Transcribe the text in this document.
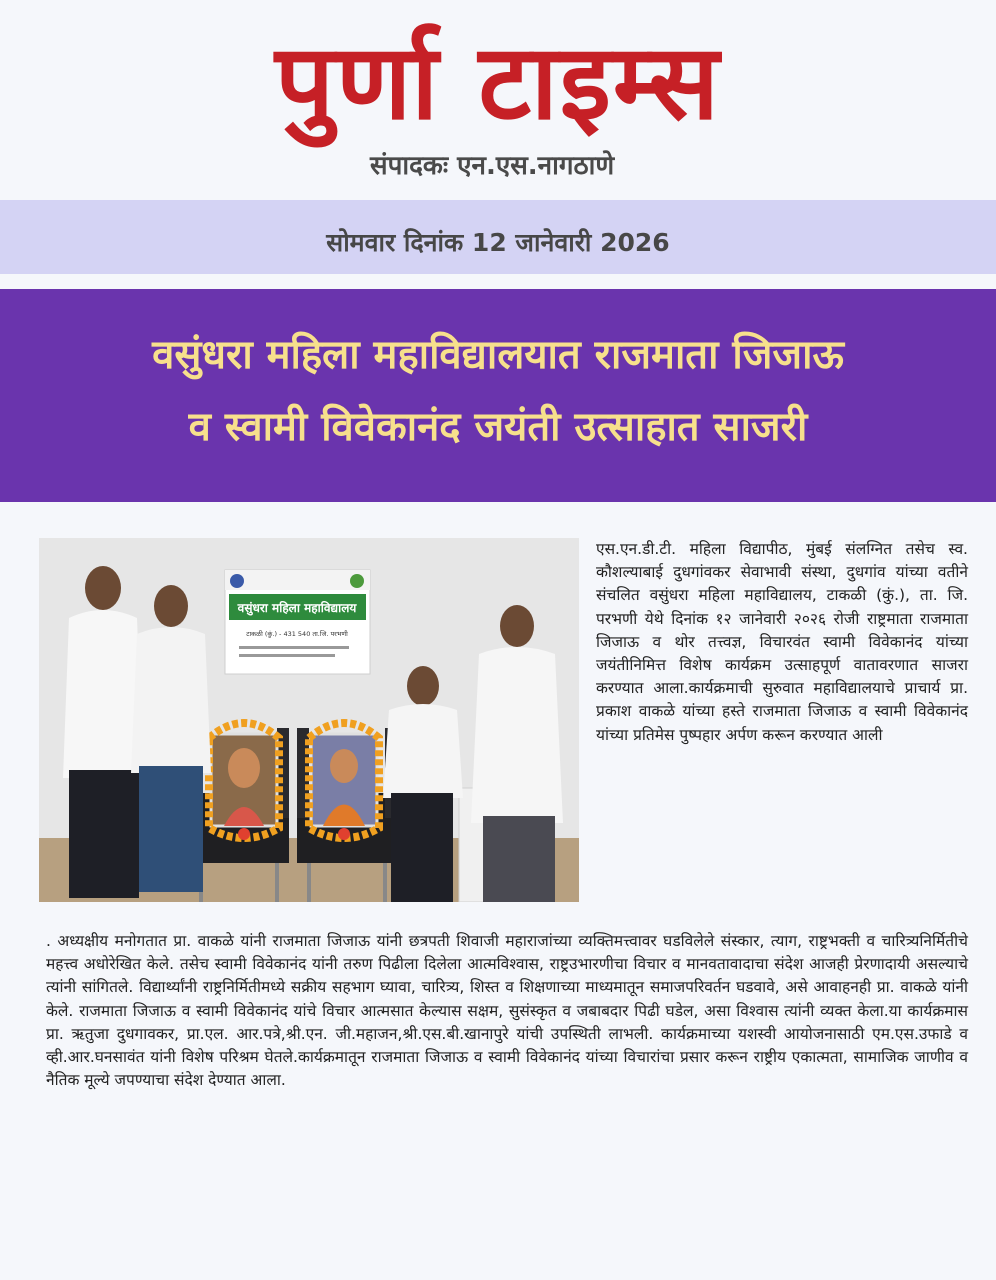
पुर्णा टाइम्स
संपादकः एन.एस.नागठाणे
सोमवार दिनांक 12 जानेवारी 2026
वसुंधरा महिला महाविद्यालयात राजमाता जिजाऊ
व स्वामी विवेकानंद जयंती उत्साहात साजरी
वसुंधरा महिला महाविद्यालय
टाकळी (कुं.) - 431 540 ता.जि. परभणी
एस.एन.डी.टी. महिला विद्यापीठ, मुंबई संलग्नित तसेच स्व. कौशल्याबाई दुधगांवकर सेवाभावी संस्था, दुधगांव यांच्या वतीने संचलित वसुंधरा महिला महाविद्यालय, टाकळी (कुं.), ता. जि. परभणी येथे दिनांक १२ जानेवारी २०२६ रोजी राष्ट्रमाता राजमाता जिजाऊ व थोर तत्त्वज्ञ, विचारवंत स्वामी विवेकानंद यांच्या जयंतीनिमित्त विशेष कार्यक्रम उत्साहपूर्ण वातावरणात साजरा करण्यात आला.कार्यक्रमाची सुरुवात महाविद्यालयाचे प्राचार्य प्रा. प्रकाश वाकळे यांच्या हस्ते राजमाता जिजाऊ व स्वामी विवेकानंद यांच्या प्रतिमेस पुष्पहार अर्पण करून करण्यात आली
. अध्यक्षीय मनोगतात प्रा. वाकळे यांनी राजमाता जिजाऊ यांनी छत्रपती शिवाजी महाराजांच्या व्यक्तिमत्त्वावर घडविलेले संस्कार, त्याग, राष्ट्रभक्ती व चारित्र्यनिर्मितीचे महत्त्व अधोरेखित केले. तसेच स्वामी विवेकानंद यांनी तरुण पिढीला दिलेला आत्मविश्वास, राष्ट्रउभारणीचा विचार व मानवतावादाचा संदेश आजही प्रेरणादायी असल्याचे त्यांनी सांगितले. विद्यार्थ्यांनी राष्ट्रनिर्मितीमध्ये सक्रीय सहभाग घ्यावा, चारित्र्य, शिस्त व शिक्षणाच्या माध्यमातून समाजपरिवर्तन घडवावे, असे आवाहनही प्रा. वाकळे यांनी केले. राजमाता जिजाऊ व स्वामी विवेकानंद यांचे विचार आत्मसात केल्यास सक्षम, सुसंस्कृत व जबाबदार पिढी घडेल, असा विश्वास त्यांनी व्यक्त केला.या कार्यक्रमास प्रा. ऋतुजा दुधगावकर, प्रा.एल. आर.पत्रे,श्री.एन. जी.महाजन,श्री.एस.बी.खानापुरे यांची उपस्थिती लाभली. कार्यक्रमाच्या यशस्वी आयोजनासाठी एम.एस.उफाडे व व्ही.आर.घनसावंत यांनी विशेष परिश्रम घेतले.कार्यक्रमातून राजमाता जिजाऊ व स्वामी विवेकानंद यांच्या विचारांचा प्रसार करून राष्ट्रीय एकात्मता, सामाजिक जाणीव व नैतिक मूल्ये जपण्याचा संदेश देण्यात आला.
